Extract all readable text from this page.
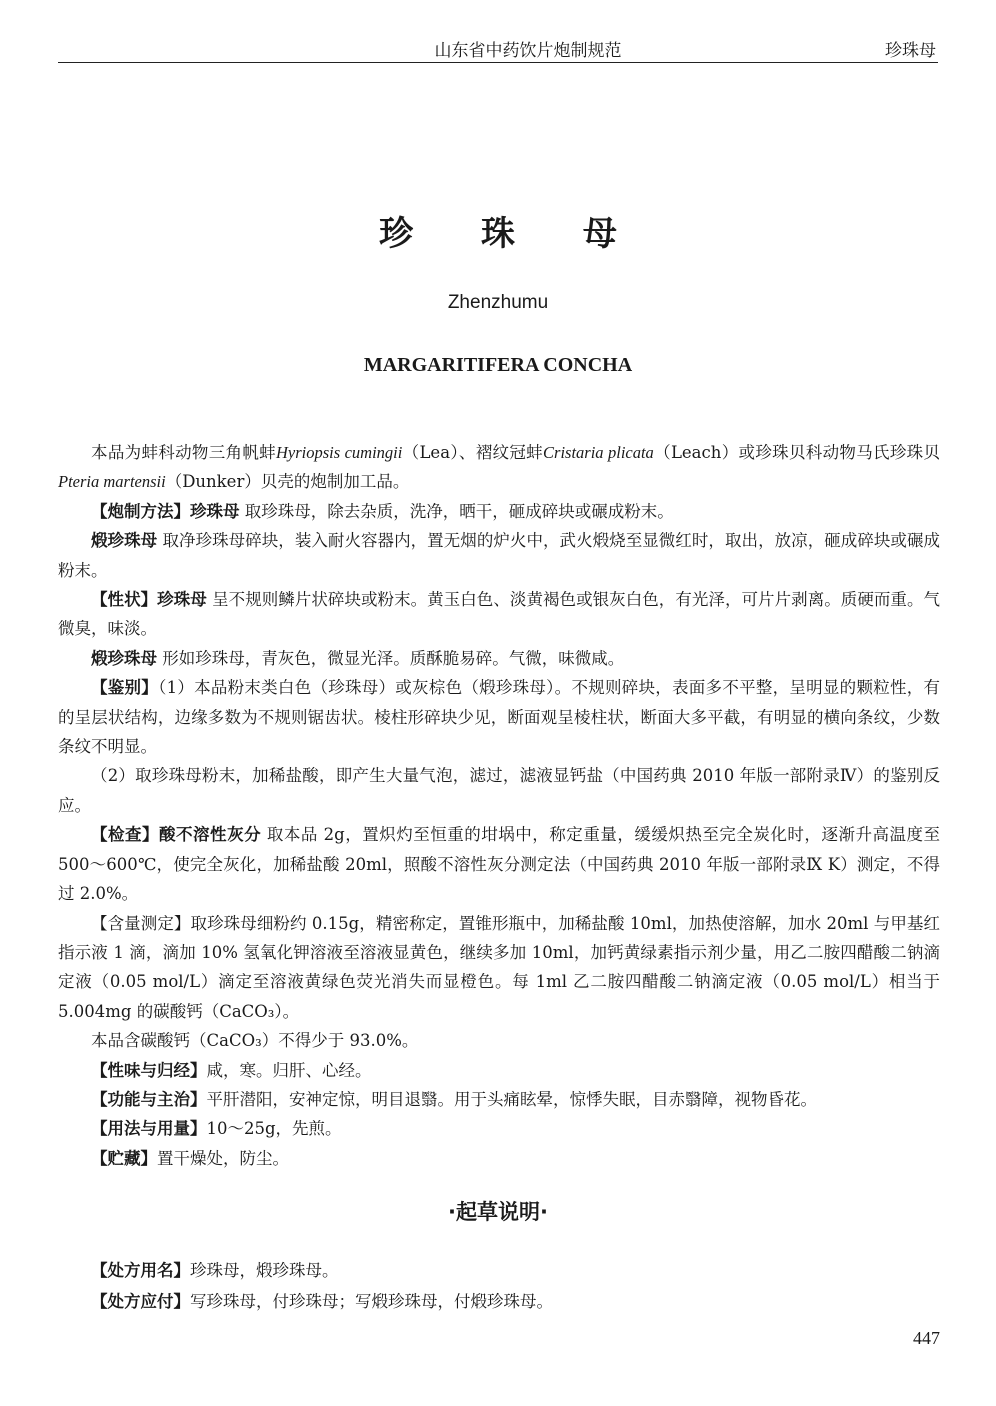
山东省中药饮片炮制规范	珍珠母
珍 珠 母
Zhenzhumu
MARGARITIFERA CONCHA

本品为蚌科动物三角帆蚌Hyriopsis cumingii（Lea）、褶纹冠蚌Cristaria plicata（Leach）或珍珠贝科动物马氏珍珠贝Pteria martensii（Dunker）贝壳的炮制加工品。

【炮制方法】珍珠母 取珍珠母，除去杂质，洗净，晒干，砸成碎块或碾成粉末。

煅珍珠母 取净珍珠母碎块，装入耐火容器内，置无烟的炉火中，武火煅烧至显微红时，取出，放凉，砸成碎块或碾成粉末。

【性状】珍珠母 呈不规则鳞片状碎块或粉末。黄玉白色、淡黄褐色或银灰白色，有光泽，可片片剥离。质硬而重。气微臭，味淡。

煅珍珠母 形如珍珠母，青灰色，微显光泽。质酥脆易碎。气微，味微咸。

【鉴别】（1）本品粉末类白色（珍珠母）或灰棕色（煅珍珠母）。不规则碎块，表面多不平整，呈明显的颗粒性，有的呈层状结构，边缘多数为不规则锯齿状。棱柱形碎块少见，断面观呈棱柱状，断面大多平截，有明显的横向条纹，少数条纹不明显。

（2）取珍珠母粉末，加稀盐酸，即产生大量气泡，滤过，滤液显钙盐（中国药典 2010 年版一部附录Ⅳ）的鉴别反应。

【检查】酸不溶性灰分 取本品 2g，置炽灼至恒重的坩埚中，称定重量，缓缓炽热至完全炭化时，逐渐升高温度至 500～600℃，使完全灰化，加稀盐酸 20ml，照酸不溶性灰分测定法（中国药典 2010 年版一部附录Ⅸ K）测定，不得过 2.0%。

【含量测定】取珍珠母细粉约 0.15g，精密称定，置锥形瓶中，加稀盐酸 10ml，加热使溶解，加水 20ml 与甲基红指示液 1 滴，滴加 10% 氢氧化钾溶液至溶液显黄色，继续多加 10ml，加钙黄绿素指示剂少量，用乙二胺四醋酸二钠滴定液（0.05 mol/L）滴定至溶液黄绿色荧光消失而显橙色。每 1ml 乙二胺四醋酸二钠滴定液（0.05 mol/L）相当于 5.004mg 的碳酸钙（CaCO₃）。

本品含碳酸钙（CaCO₃）不得少于 93.0%。

【性味与归经】咸，寒。归肝、心经。

【功能与主治】平肝潜阳，安神定惊，明目退翳。用于头痛眩晕，惊悸失眠，目赤翳障，视物昏花。

【用法与用量】10～25g，先煎。

【贮藏】置干燥处，防尘。

·起草说明·

【处方用名】珍珠母，煅珍珠母。

【处方应付】写珍珠母，付珍珠母；写煅珍珠母，付煅珍珠母。

447
